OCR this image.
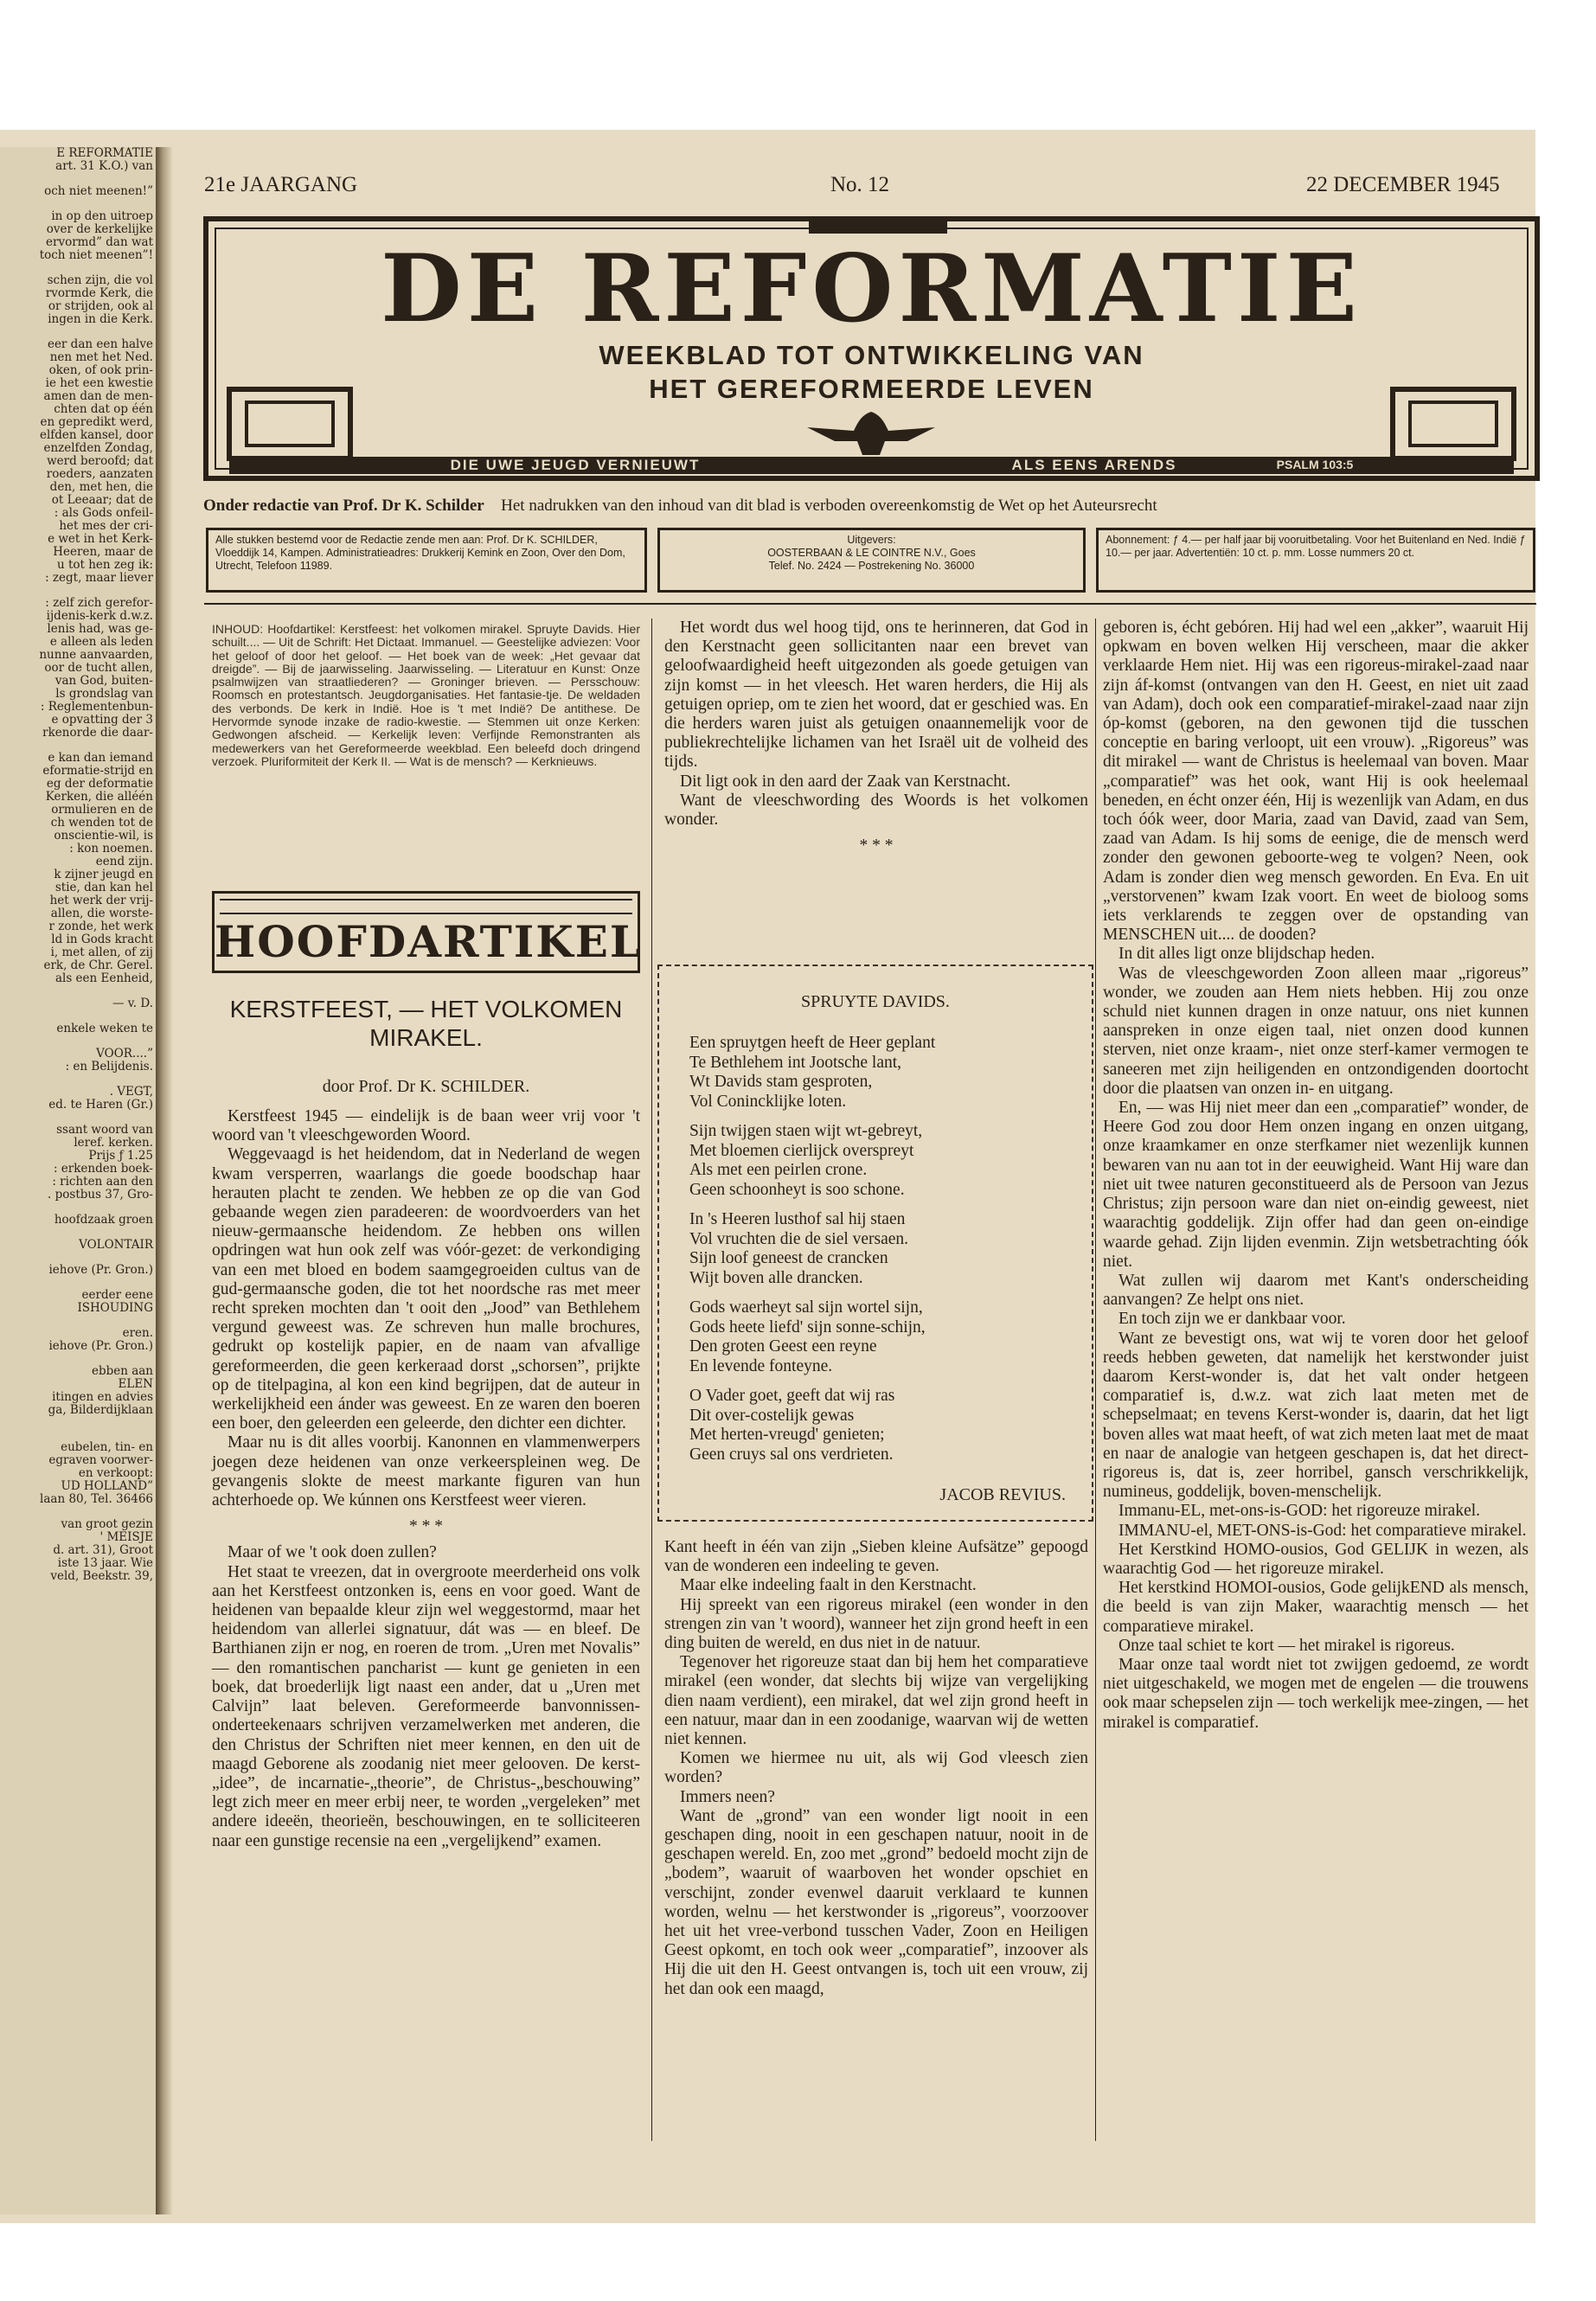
E REFORMATIE

art. 31 K.O.) van

och niet meenen!”

in op den uitroep

over de kerkelijke

ervormd” dan wat

toch niet meenen”!

schen zijn, die vol

rvormde Kerk, die

or strijden, ook al

ingen in die Kerk.

eer dan een halve

nen met het Ned.

oken, of ook prin-

ie het een kwestie

amen dan de men-

chten dat op één

en gepredikt werd,

elfden kansel, door

enzelfden Zondag,

werd beroofd; dat

roeders, aanzaten

den, met hen, die

ot Leeaar; dat de

: als Gods onfeil-

het mes der cri-

e wet in het Kerk-

Heeren, maar de

u tot hen zeg ik:

: zegt, maar liever

: zelf zich gerefor-

ijdenis-kerk d.w.z.

lenis had, was ge-

e alleen als leden

nunne aanvaarden,

oor de tucht allen,

van God, buiten-

ls grondslag van

: Reglementenbun-

e opvatting der 3

rkenorde die daar-

e kan dan iemand

eformatie-strijd en

eg der deformatie

Kerken, die alléén

ormulieren en de

ch wenden tot de

onscientie-wil, is

: kon noemen.

eend zijn.

k zijner jeugd en

stie, dan kan hel

het werk der vrij-

allen, die worste-

r zonde, het werk

ld in Gods kracht

i, met allen, of zij

erk, de Chr. Gerel.

als een Eenheid,

— v. D.

enkele weken te

VOOR....”

: en Belijdenis.

. VEGT,

ed. te Haren (Gr.)

ssant woord van

leref. kerken.

Prijs ƒ 1.25

: erkenden boek-

: richten aan den

. postbus 37, Gro-

hoofdzaak groen

VOLONTAIR

iehove (Pr. Gron.)

eerder eene

ISHOUDING

eren.

iehove (Pr. Gron.)

ebben aan

ELEN

itingen en advies

ga, Bilderdijklaan

eubelen, tin- en

egraven voorwer-

en verkoopt:

UD HOLLAND”

laan 80, Tel. 36466

van groot gezin

' MEISJE

d. art. 31), Groot

iste 13 jaar. Wie

veld, Beekstr. 39,

21e JAARGANG	No. 12	22 DECEMBER 1945
DE REFORMATIE
WEEKBLAD TOT ONTWIKKELING VAN
HET GEREFORMEERDE LEVEN
DIE UWE JEUGD VERNIEUWT	ALS EENS ARENDS	PSALM 103:5
Onder redactie van Prof. Dr K. Schilder Het nadrukken van den inhoud van dit blad is verboden overeenkomstig de Wet op het Auteursrecht
Alle stukken bestemd voor de Redactie zende men aan: Prof. Dr K. SCHILDER, Vloeddijk 14, Kampen. Administratieadres: Drukkerij Kemink en Zoon, Over den Dom, Utrecht, Telefoon 11989.
Uitgevers:
OOSTERBAAN & LE COINTRE N.V., Goes
Telef. No. 2424 — Postrekening No. 36000
Abonnement: ƒ 4.— per half jaar bij vooruitbetaling. Voor het Buitenland en Ned. Indië ƒ 10.— per jaar. Advertentiën: 10 ct. p. mm. Losse nummers 20 ct.
INHOUD: Hoofdartikel: Kerstfeest: het volkomen mirakel. Spruyte Davids. Hier schuilt.... — Uit de Schrift: Het Dictaat. Immanuel. — Geestelijke adviezen: Voor het geloof of door het geloof. — Het boek van de week: „Het gevaar dat dreigde”. — Bij de jaarwisseling. Jaarwisseling. — Literatuur en Kunst: Onze psalmwijzen van straatliederen? — Groninger brieven. — Persschouw: Roomsch en protestantsch. Jeugdorganisaties. Het fantasie-tje. De weldaden des verbonds. De kerk in Indië. Hoe is 't met Indië? De antithese. De Hervormde synode inzake de radio-kwestie. — Stemmen uit onze Kerken: Gedwongen afscheid. — Kerkelijk leven: Verfijnde Remonstranten als medewerkers van het Gereformeerde weekblad. Een beleefd doch dringend verzoek. Pluriformiteit der Kerk II. — Wat is de mensch? — Kerknieuws.
HOOFDARTIKEL
KERSTFEEST, — HET VOLKOMEN MIRAKEL.
door Prof. Dr K. SCHILDER.

Kerstfeest 1945 — eindelijk is de baan weer vrij voor 't woord van 't vleeschgeworden Woord.

Weggevaagd is het heidendom, dat in Nederland de wegen kwam versperren, waarlangs die goede boodschap haar herauten placht te zenden. We hebben ze op die van God gebaande wegen zien paradeeren: de woordvoerders van het nieuw-germaansche heidendom. Ze hebben ons willen opdringen wat hun ook zelf was vóór-gezet: de verkondiging van een met bloed en bodem saamgegroeiden cultus van de gud-germaansche goden, die tot het noordsche ras met meer recht spreken mochten dan 't ooit den „Jood” van Bethlehem vergund geweest was. Ze schreven hun malle brochures, gedrukt op kostelijk papier, en de naam van afvallige gereformeerden, die geen kerkeraad dorst „schorsen”, prijkte op de titelpagina, al kon een kind begrijpen, dat de auteur in werkelijkheid een ánder was geweest. En ze waren den boeren een boer, den geleerden een geleerde, den dichter een dichter.

Maar nu is dit alles voorbij. Kanonnen en vlammenwerpers joegen deze heidenen van onze verkeerspleinen weg. De gevangenis slokte de meest markante figuren van hun achterhoede op. We kúnnen ons Kerstfeest weer vieren.

* * *

Maar of we 't ook doen zullen?

Het staat te vreezen, dat in overgroote meerderheid ons volk aan het Kerstfeest ontzonken is, eens en voor goed. Want de heidenen van bepaalde kleur zijn wel weggestormd, maar het heidendom van allerlei signatuur, dát was — en bleef. De Barthianen zijn er nog, en roeren de trom. „Uren met Novalis” — den romantischen pancharist — kunt ge genieten in een boek, dat broederlijk ligt naast een ander, dat u „Uren met Calvijn” laat beleven. Gereformeerde banvonnissen-onderteekenaars schrijven verzamelwerken met anderen, die den Christus der Schriften niet meer kennen, en den uit de maagd Geborene als zoodanig niet meer gelooven. De kerst-„idee”, de incarnatie-„theorie”, de Christus-„beschouwing” legt zich meer en meer erbij neer, te worden „vergeleken” met andere ideeën, theorieën, beschouwingen, en te solliciteeren naar een gunstige recensie na een „vergelijkend” examen.

Het wordt dus wel hoog tijd, ons te herinneren, dat God in den Kerstnacht geen sollicitanten naar een brevet van geloofwaardigheid heeft uitgezonden als goede getuigen van zijn komst — in het vleesch. Het waren herders, die Hij als getuigen opriep, om te zien het woord, dat er geschied was. En die herders waren juist als getuigen onaannemelijk voor de publiekrechtelijke lichamen van het Israël uit de volheid des tijds.

Dit ligt ook in den aard der Zaak van Kerstnacht.

Want de vleeschwording des Woords is het volkomen wonder.

* * *

SPRUYTE DAVIDS.

Een spruytgen heeft de Heer geplant

Te Bethlehem int Jootsche lant,

Wt Davids stam gesproten,

Vol Conincklijke loten.

Sijn twijgen staen wijt wt-gebreyt,

Met bloemen cierlijck overspreyt

Als met een peirlen crone.

Geen schoonheyt is soo schone.

In 's Heeren lusthof sal hij staen

Vol vruchten die de siel versaen.

Sijn loof geneest de crancken

Wijt boven alle drancken.

Gods waerheyt sal sijn wortel sijn,

Gods heete liefd' sijn sonne-schijn,

Den groten Geest een reyne

En levende fonteyne.

O Vader goet, geeft dat wij ras

Dit over-costelijk gewas

Met herten-vreugd' genieten;

Geen cruys sal ons verdrieten.

JACOB REVIUS.

Kant heeft in één van zijn „Sieben kleine Aufsätze” gepoogd van de wonderen een indeeling te geven.

Maar elke indeeling faalt in den Kerstnacht.

Hij spreekt van een rigoreus mirakel (een wonder in den strengen zin van 't woord), wanneer het zijn grond heeft in een ding buiten de wereld, en dus niet in de natuur.

Tegenover het rigoreuze staat dan bij hem het comparatieve mirakel (een wonder, dat slechts bij wijze van vergelijking dien naam verdient), een mirakel, dat wel zijn grond heeft in een natuur, maar dan in een zoodanige, waarvan wij de wetten niet kennen.

Komen we hiermee nu uit, als wij God vleesch zien worden?

Immers neen?

Want de „grond” van een wonder ligt nooit in een geschapen ding, nooit in een geschapen natuur, nooit in de geschapen wereld. En, zoo met „grond” bedoeld mocht zijn de „bodem”, waaruit of waarboven het wonder opschiet en verschijnt, zonder evenwel daaruit verklaard te kunnen worden, welnu — het kerstwonder is „rigoreus”, voorzoover het uit het vree-verbond tusschen Vader, Zoon en Heiligen Geest opkomt, en toch ook weer „comparatief”, inzoover als Hij die uit den H. Geest ontvangen is, toch uit een vrouw, zij het dan ook een maagd,

geboren is, écht gebóren. Hij had wel een „akker”, waaruit Hij opkwam en boven welken Hij verscheen, maar die akker verklaarde Hem niet. Hij was een rigoreus-mirakel-zaad naar zijn áf-komst (ontvangen van den H. Geest, en niet uit zaad van Adam), doch ook een comparatief-mirakel-zaad naar zijn óp-komst (geboren, na den gewonen tijd die tusschen conceptie en baring verloopt, uit een vrouw). „Rigoreus” was dit mirakel — want de Christus is heelemaal van boven. Maar „comparatief” was het ook, want Hij is ook heelemaal beneden, en écht onzer één, Hij is wezenlijk van Adam, en dus toch óók weer, door Maria, zaad van David, zaad van Sem, zaad van Adam. Is hij soms de eenige, die de mensch werd zonder den gewonen geboorte-weg te volgen? Neen, ook Adam is zonder dien weg mensch geworden. En Eva. En uit „verstorvenen” kwam Izak voort. En weet de bioloog soms iets verklarends te zeggen over de opstanding van MENSCHEN uit.... de dooden?

In dit alles ligt onze blijdschap heden.

Was de vleeschgeworden Zoon alleen maar „rigoreus” wonder, we zouden aan Hem niets hebben. Hij zou onze schuld niet kunnen dragen in onze natuur, ons niet kunnen aanspreken in onze eigen taal, niet onzen dood kunnen sterven, niet onze kraam-, niet onze sterf-kamer vermogen te saneeren met zijn heiligenden en ontzondigenden doortocht door die plaatsen van onzen in- en uitgang.

En, — was Hij niet meer dan een „comparatief” wonder, de Heere God zou door Hem onzen ingang en onzen uitgang, onze kraamkamer en onze sterfkamer niet wezenlijk kunnen bewaren van nu aan tot in der eeuwigheid. Want Hij ware dan niet uit twee naturen geconstitueerd als de Persoon van Jezus Christus; zijn persoon ware dan niet on-eindig geweest, niet waarachtig goddelijk. Zijn offer had dan geen on-eindige waarde gehad. Zijn lijden evenmin. Zijn wetsbetrachting óók niet.

Wat zullen wij daarom met Kant's onderscheiding aanvangen? Ze helpt ons niet.

En toch zijn we er dankbaar voor.

Want ze bevestigt ons, wat wij te voren door het geloof reeds hebben geweten, dat namelijk het kerstwonder juist daarom Kerst-wonder is, dat het valt onder hetgeen comparatief is, d.w.z. wat zich laat meten met de schepselmaat; en tevens Kerst-wonder is, daarin, dat het ligt boven alles wat maat heeft, of wat zich meten laat met de maat en naar de analogie van hetgeen geschapen is, dat het direct-rigoreus is, dat is, zeer horribel, gansch verschrikkelijk, numineus, goddelijk, boven-menschelijk.

Immanu-EL, met-ons-is-GOD: het rigoreuze mirakel.

IMMANU-el, MET-ONS-is-God: het comparatieve mirakel.

Het Kerstkind HOMO-ousios, God GELIJK in wezen, als waarachtig God — het rigoreuze mirakel.

Het kerstkind HOMOI-ousios, Gode gelijkEND als mensch, die beeld is van zijn Maker, waarachtig mensch — het comparatieve mirakel.

Onze taal schiet te kort — het mirakel is rigoreus.

Maar onze taal wordt niet tot zwijgen gedoemd, ze wordt niet uitgeschakeld, we mogen met de engelen — die trouwens ook maar schepselen zijn — toch werkelijk mee-zingen, — het mirakel is comparatief.
